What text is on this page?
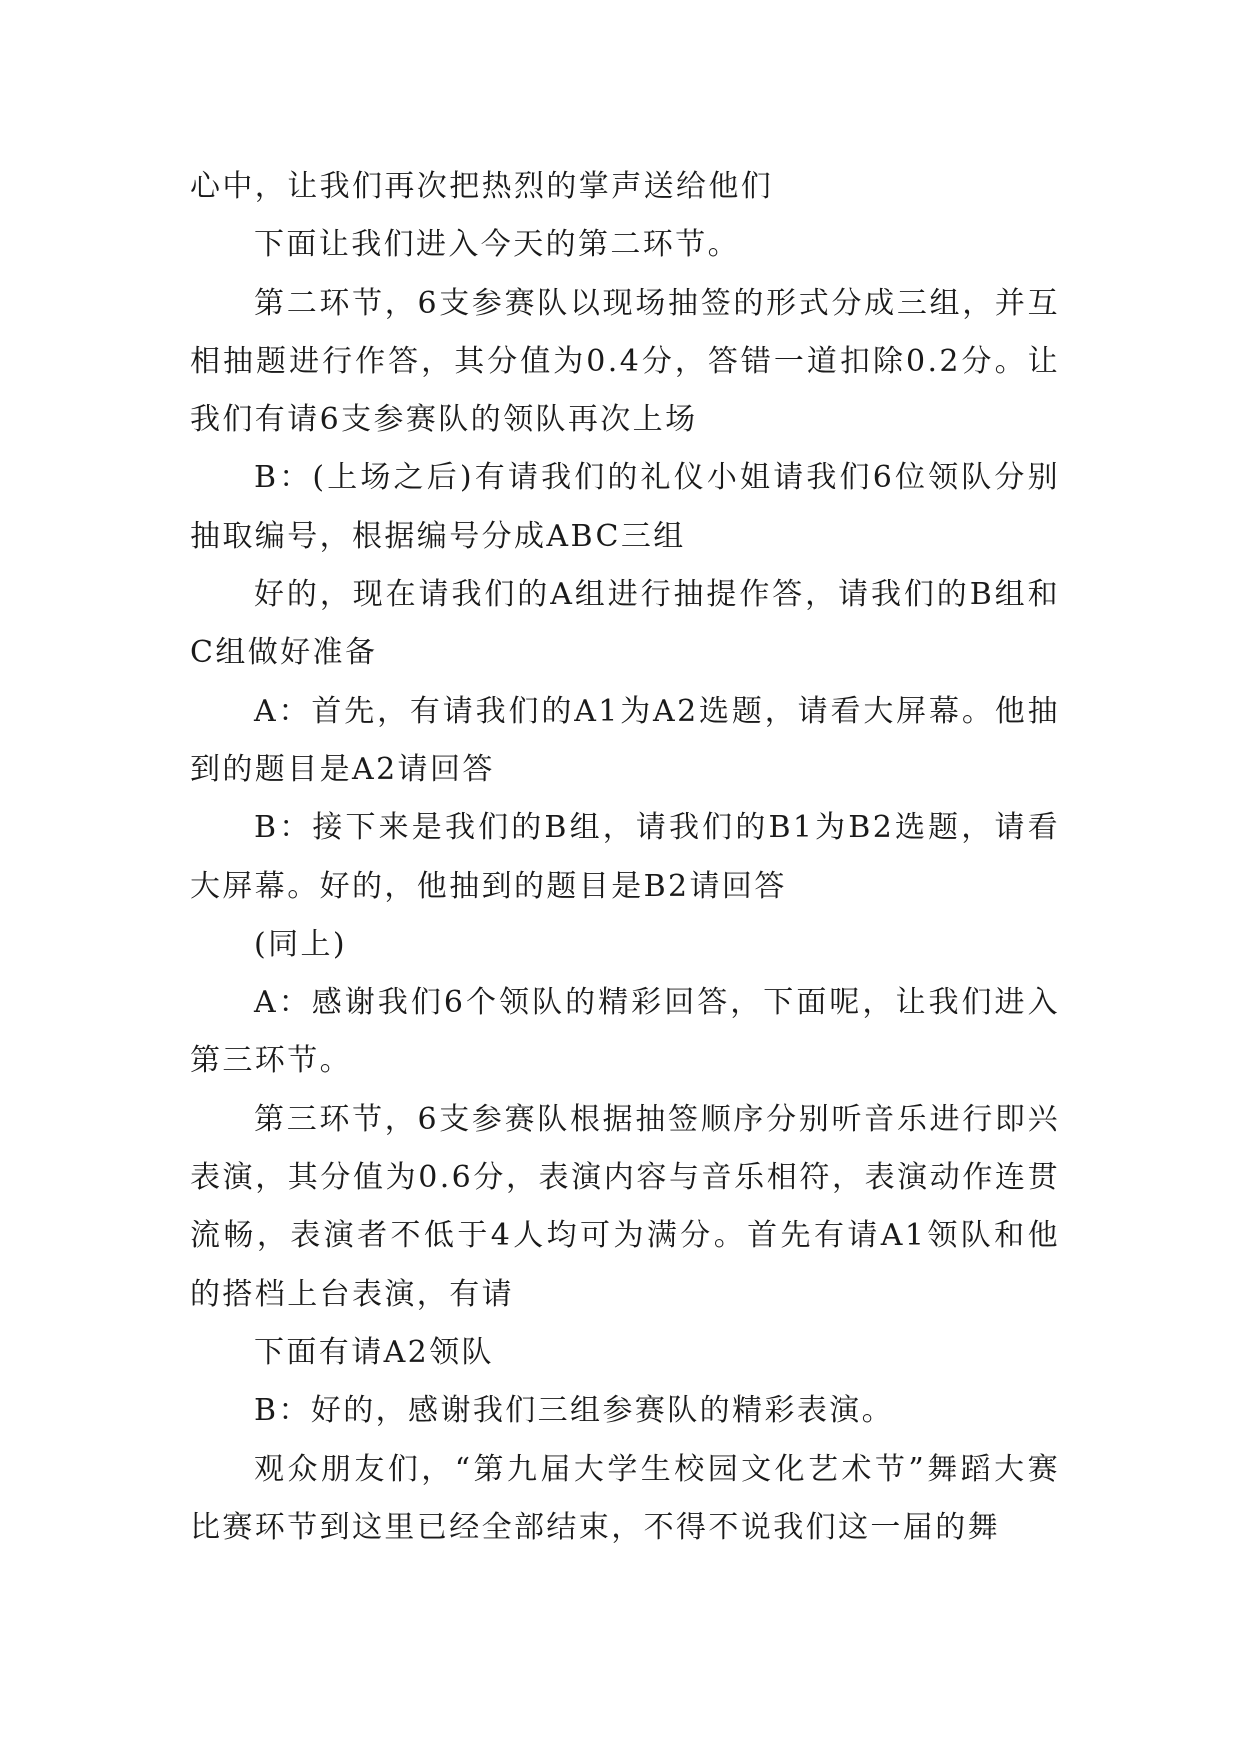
心中，让我们再次把热烈的掌声送给他们

下面让我们进入今天的第二环节。

第二环节，6支参赛队以现场抽签的形式分成三组，并互相抽题进行作答，其分值为0.4分，答错一道扣除0.2分。让我们有请6支参赛队的领队再次上场

B：(上场之后)有请我们的礼仪小姐请我们6位领队分别抽取编号，根据编号分成ABC三组

好的，现在请我们的A组进行抽提作答，请我们的B组和C组做好准备

A：首先，有请我们的A1为A2选题，请看大屏幕。他抽到的题目是A2请回答

B：接下来是我们的B组，请我们的B1为B2选题，请看大屏幕。好的，他抽到的题目是B2请回答

(同上)

A：感谢我们6个领队的精彩回答，下面呢，让我们进入第三环节。

第三环节，6支参赛队根据抽签顺序分别听音乐进行即兴表演，其分值为0.6分，表演内容与音乐相符，表演动作连贯流畅，表演者不低于4人均可为满分。首先有请A1领队和他的搭档上台表演，有请

下面有请A2领队

B：好的，感谢我们三组参赛队的精彩表演。

观众朋友们，“第九届大学生校园文化艺术节”舞蹈大赛比赛环节到这里已经全部结束，不得不说我们这一届的舞
